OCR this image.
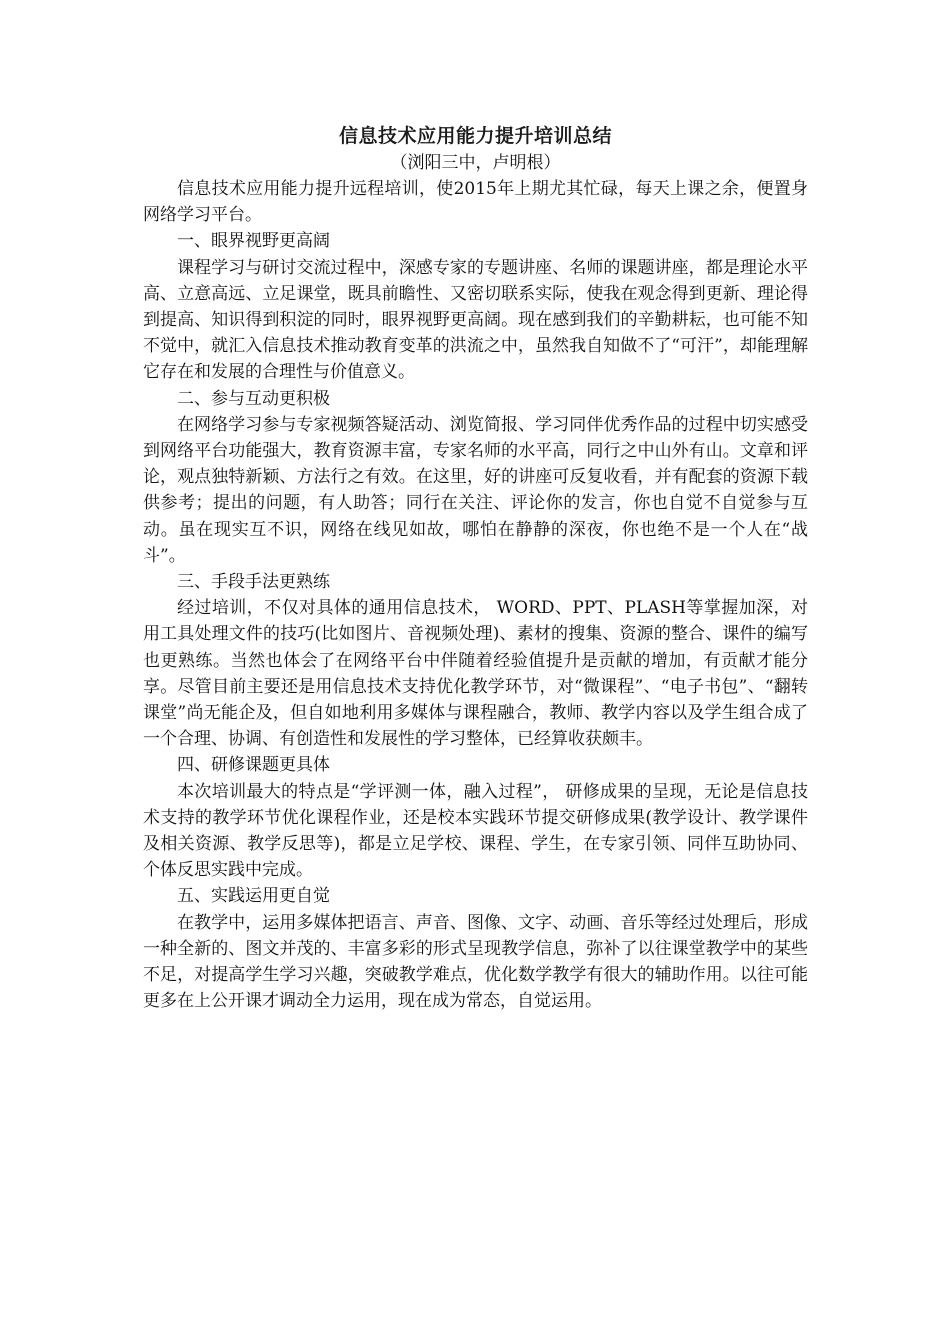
信息技术应用能力提升培训总结

（浏阳三中，卢明根）

信息技术应用能力提升远程培训，使2015年上期尤其忙碌，每天上课之余，便置身网络学习平台。

一、眼界视野更高阔

课程学习与研讨交流过程中，深感专家的专题讲座、名师的课题讲座，都是理论水平高、立意高远、立足课堂，既具前瞻性、又密切联系实际，使我在观念得到更新、理论得到提高、知识得到积淀的同时，眼界视野更高阔。现在感到我们的辛勤耕耘，也可能不知不觉中，就汇入信息技术推动教育变革的洪流之中，虽然我自知做不了“可汗”，却能理解它存在和发展的合理性与价值意义。

二、参与互动更积极

在网络学习参与专家视频答疑活动、浏览简报、学习同伴优秀作品的过程中切实感受到网络平台功能强大，教育资源丰富，专家名师的水平高，同行之中山外有山。文章和评论，观点独特新颖、方法行之有效。在这里，好的讲座可反复收看，并有配套的资源下载供参考；提出的问题，有人助答；同行在关注、评论你的发言，你也自觉不自觉参与互动。虽在现实互不识，网络在线见如故，哪怕在静静的深夜，你也绝不是一个人在“战斗”。

三、手段手法更熟练

经过培训，不仅对具体的通用信息技术， WORD、PPT、PLASH等掌握加深，对用工具处理文件的技巧(比如图片、音视频处理)、素材的搜集、资源的整合、课件的编写也更熟练。当然也体会了在网络平台中伴随着经验值提升是贡献的增加，有贡献才能分享。尽管目前主要还是用信息技术支持优化教学环节，对“微课程”、“电子书包”、“翻转课堂”尚无能企及，但自如地利用多媒体与课程融合，教师、教学内容以及学生组合成了一个合理、协调、有创造性和发展性的学习整体，已经算收获颇丰。

四、研修课题更具体

本次培训最大的特点是“学评测一体，融入过程”， 研修成果的呈现，无论是信息技术支持的教学环节优化课程作业，还是校本实践环节提交研修成果(教学设计、教学课件及相关资源、教学反思等)，都是立足学校、课程、学生，在专家引领、同伴互助协同、个体反思实践中完成。

五、实践运用更自觉

在教学中，运用多媒体把语言、声音、图像、文字、动画、音乐等经过处理后，形成一种全新的、图文并茂的、丰富多彩的形式呈现教学信息，弥补了以往课堂教学中的某些不足，对提高学生学习兴趣，突破教学难点，优化数学教学有很大的辅助作用。以往可能更多在上公开课才调动全力运用，现在成为常态，自觉运用。
